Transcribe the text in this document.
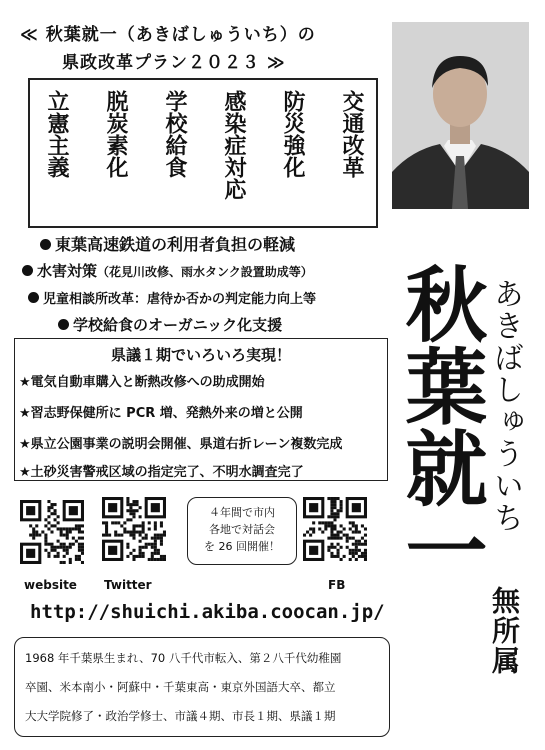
≪ 秋葉就一（あきばしゅういち）の
県政改革プラン２０２３ ≫
交通改革
防災強化
感染症対応
学校給食
脱炭素化
立憲主義
東葉高速鉄道の利用者負担の軽減
水害対策（花見川改修、雨水タンク設置助成等）
児童相談所改革：虐待か否かの判定能力向上等
学校給食のオーガニック化支援
県議１期でいろいろ実現！
★電気自動車購入と断熱改修への助成開始
★習志野保健所に PCR 増、発熱外来の増と公開
★県立公園事業の説明会開催、県道右折レーン複数完成
★土砂災害警戒区域の指定完了、不明水調査完了
website Twitter	FB
４年間で市内
各地で対話会
を 26 回開催！
http://shuichi.akiba.coocan.jp/
1968 年千葉県生まれ、70 八千代市転入、第２八千代幼稚園
卒園、米本南小・阿蘇中・千葉東高・東京外国語大卒、都立
大大学院修了・政治学修士、市議４期、市長１期、県議１期
秋葉就一 あきばしゅういち
無所属
